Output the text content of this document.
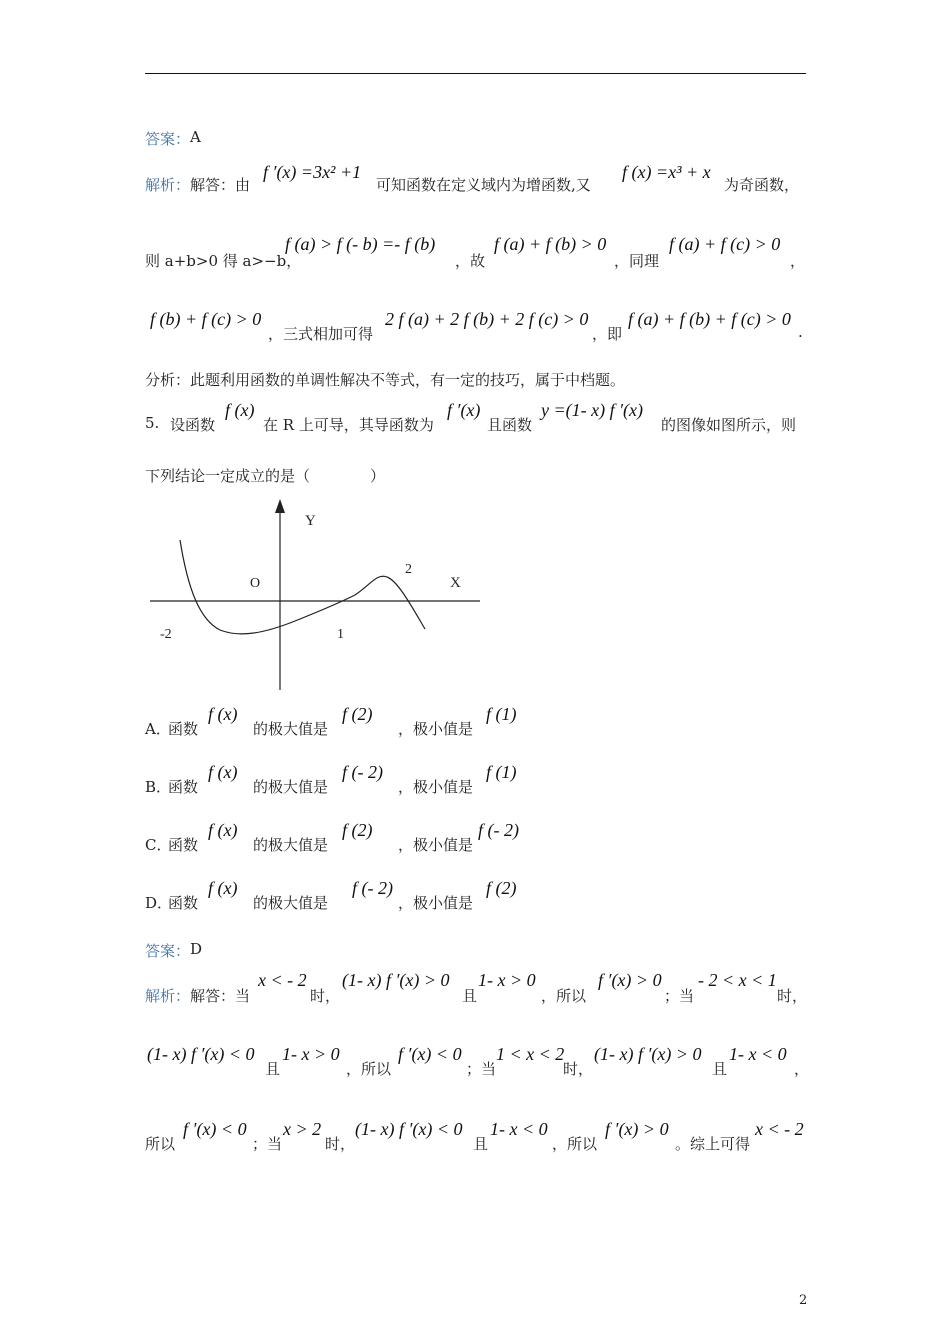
答案： A
解析： 解答：由
f ′(x) =3x² +1
可知函数在定义域内为增函数,又
f (x) =x³ + x
为奇函数，
则 a+b>0 得 a>−b，
f (a) > f (- b) =- f (b)
，故
f (a) + f (b) > 0
，同理
f (a) + f (c) > 0
，
f (b) + f (c) > 0
，三式相加可得
2 f (a) + 2 f (b) + 2 f (c) > 0
，即
f (a) + f (b) + f (c) > 0
.
分析：此题利用函数的单调性解决不等式，有一定的技巧，属于中档题。
5. 设函数
f (x)
在 R 上可导，其导函数为
f ′(x)
且函数
y =(1- x) f ′(x)
的图像如图所示，则
下列结论一定成立的是（　　　　）
Y
X
O
2
-2	1
A．
函数
f (x)
的极大值是
f (2)
，极小值是
f (1)
B．
函数
f (x)
的极大值是
f (- 2)
，极小值是
f (1)
C．
函数
f (x)
的极大值是
f (2)
，极小值是
f (- 2)
D．
函数
f (x)
的极大值是
f (- 2)
，极小值是
f (2)
答案： D
解析： 解答：当
x < - 2
时，
(1- x) f ′(x) > 0
且
1- x > 0
，所以
f ′(x) > 0
；当
- 2 < x < 1
时，
(1- x) f ′(x) < 0
且
1- x > 0
，所以
f ′(x) < 0
；当
1 < x < 2
时，
(1- x) f ′(x) > 0
且
1- x < 0
，
所以
f ′(x) < 0
；当
x > 2
时，
(1- x) f ′(x) < 0
且
1- x < 0
，所以
f ′(x) > 0
。综上可得
x < - 2
2
